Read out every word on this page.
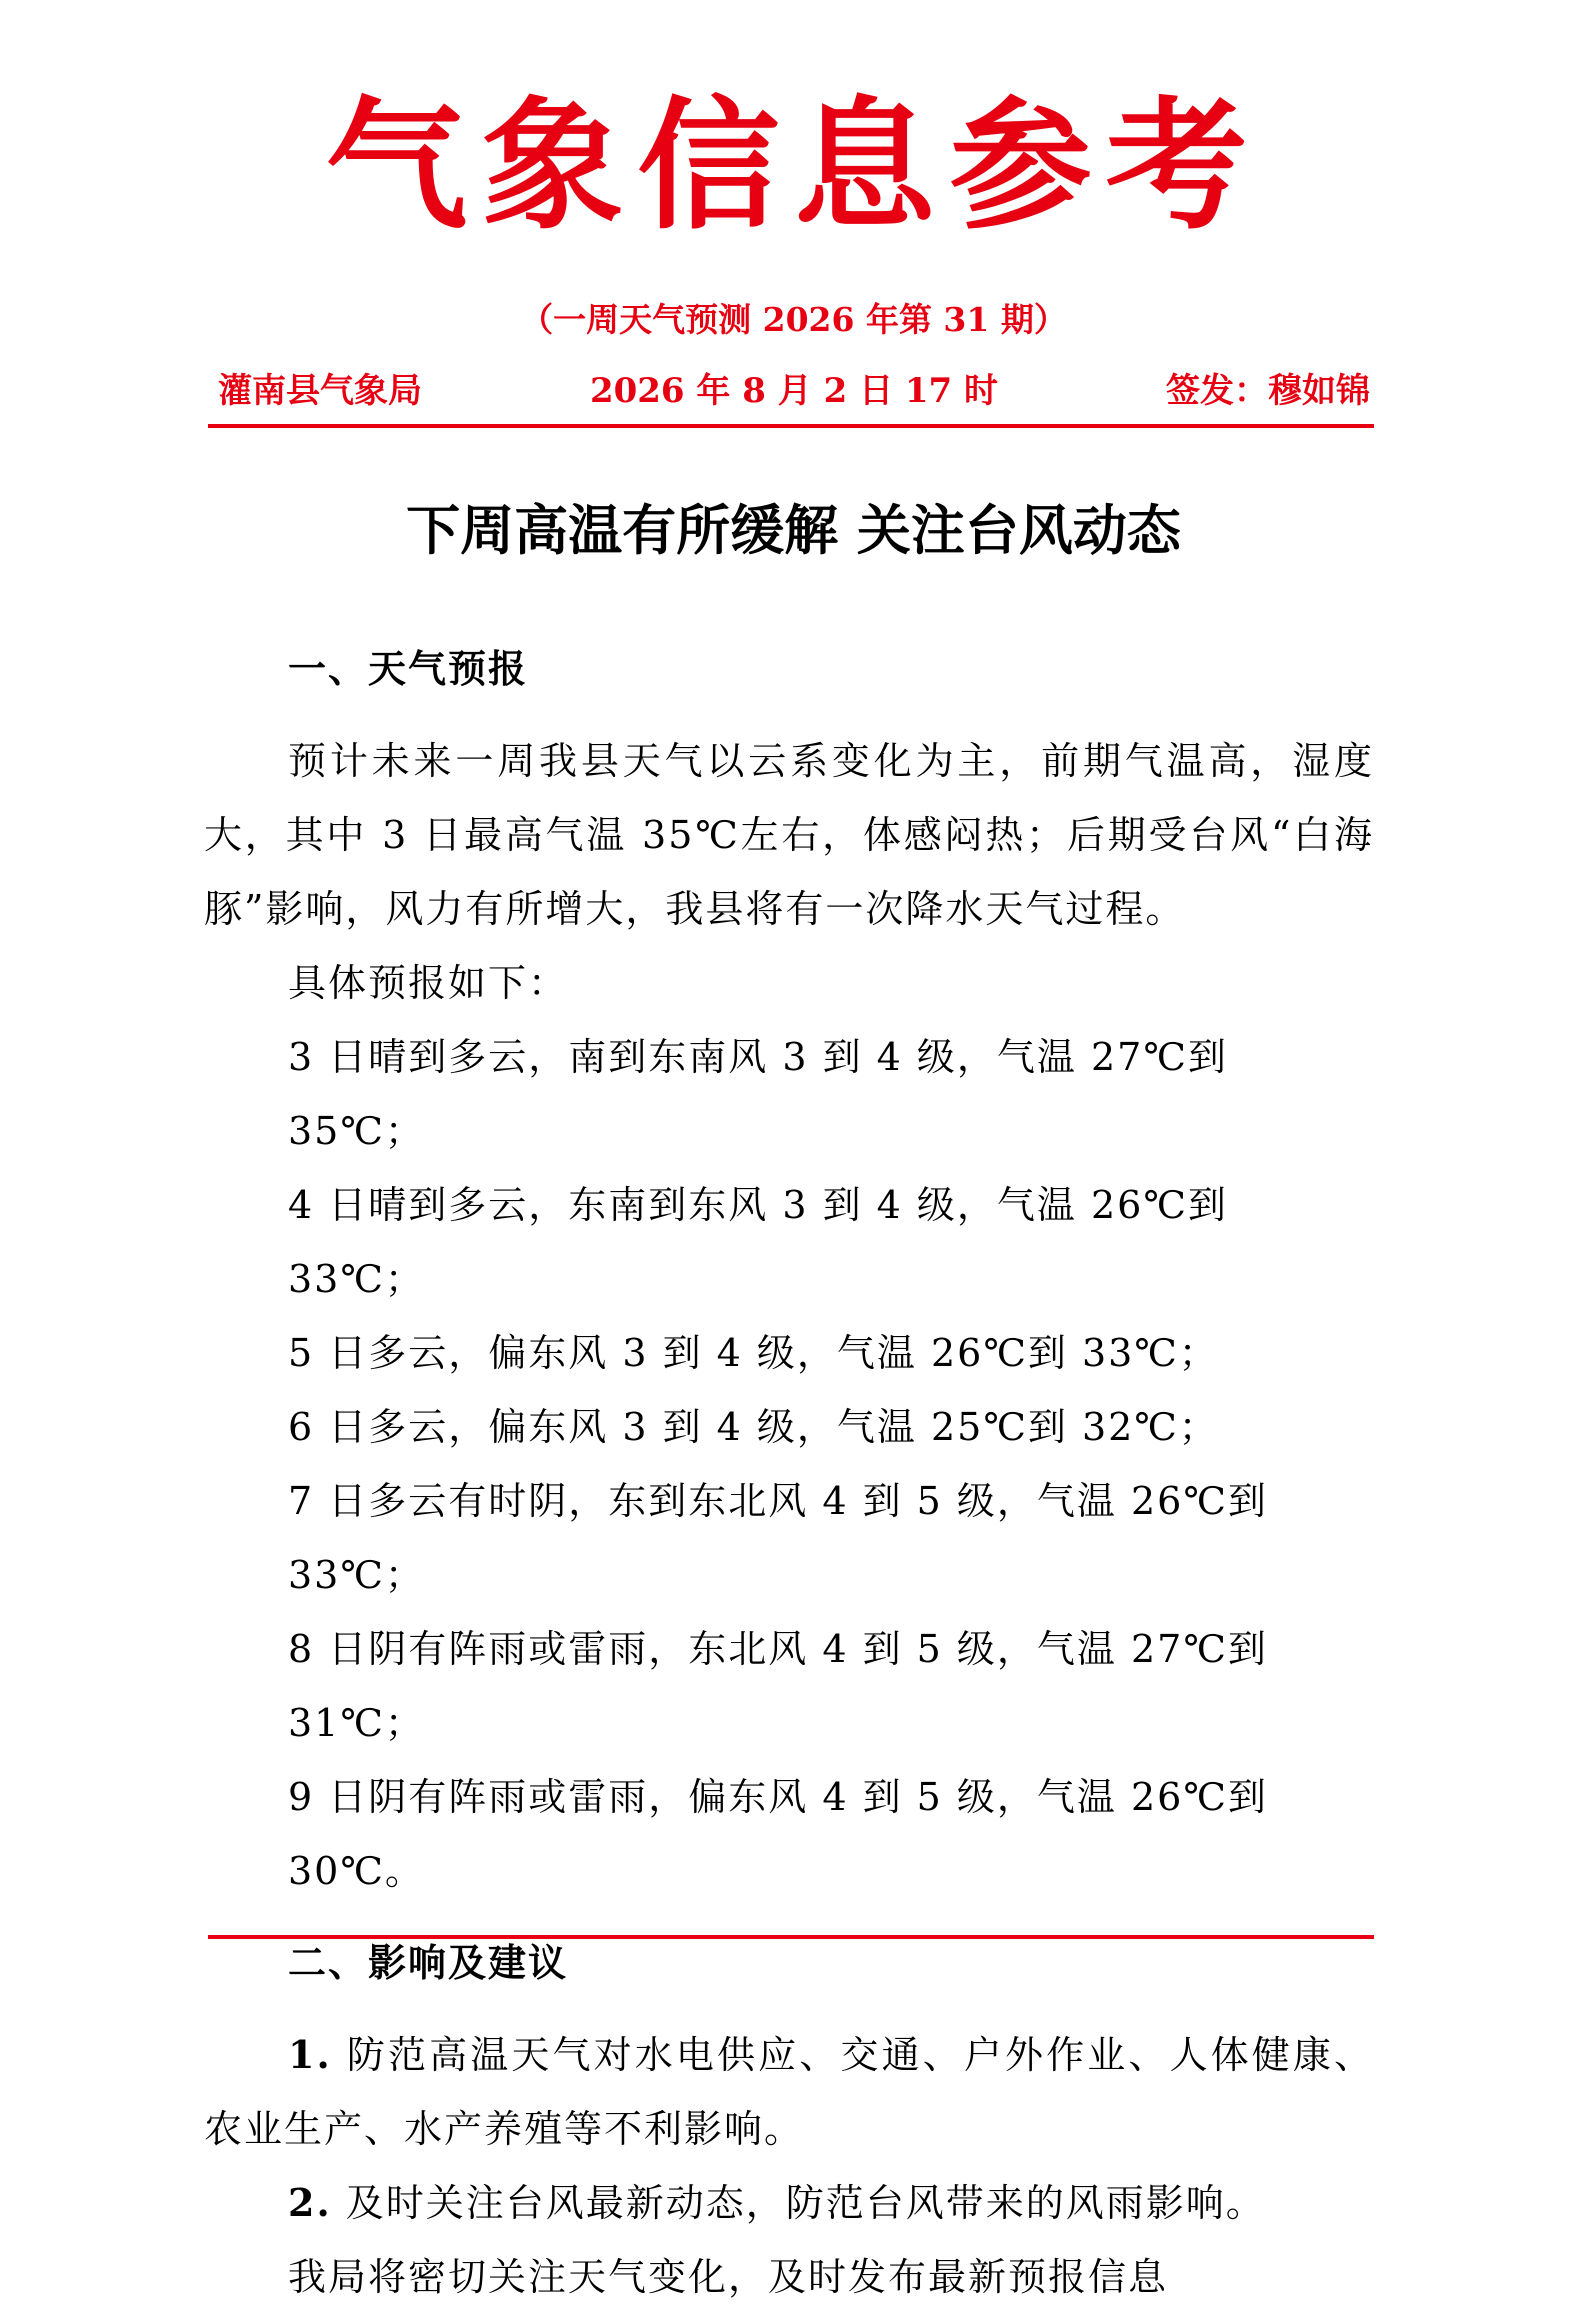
气象信息参考
（一周天气预测 2026 年第 31 期）
灌南县气象局	2026 年 8 月 2 日 17 时	签发：穆如锦
下周高温有所缓解 关注台风动态

一、天气预报

预计未来一周我县天气以云系变化为主，前期气温高，湿度大，其中 3 日最高气温 35℃左右，体感闷热；后期受台风“白海豚”影响，风力有所增大，我县将有一次降水天气过程。

具体预报如下：

3 日晴到多云，南到东南风 3 到 4 级，气温 27℃到 35℃；

4 日晴到多云，东南到东风 3 到 4 级，气温 26℃到 33℃；

5 日多云，偏东风 3 到 4 级，气温 26℃到 33℃；

6 日多云，偏东风 3 到 4 级，气温 25℃到 32℃；

7 日多云有时阴，东到东北风 4 到 5 级，气温 26℃到 33℃；

8 日阴有阵雨或雷雨，东北风 4 到 5 级，气温 27℃到 31℃；

9 日阴有阵雨或雷雨，偏东风 4 到 5 级，气温 26℃到 30℃。

二、影响及建议

1. 防范高温天气对水电供应、交通、户外作业、人体健康、农业生产、水产养殖等不利影响。

2. 及时关注台风最新动态，防范台风带来的风雨影响。

我局将密切关注天气变化，及时发布最新预报信息
